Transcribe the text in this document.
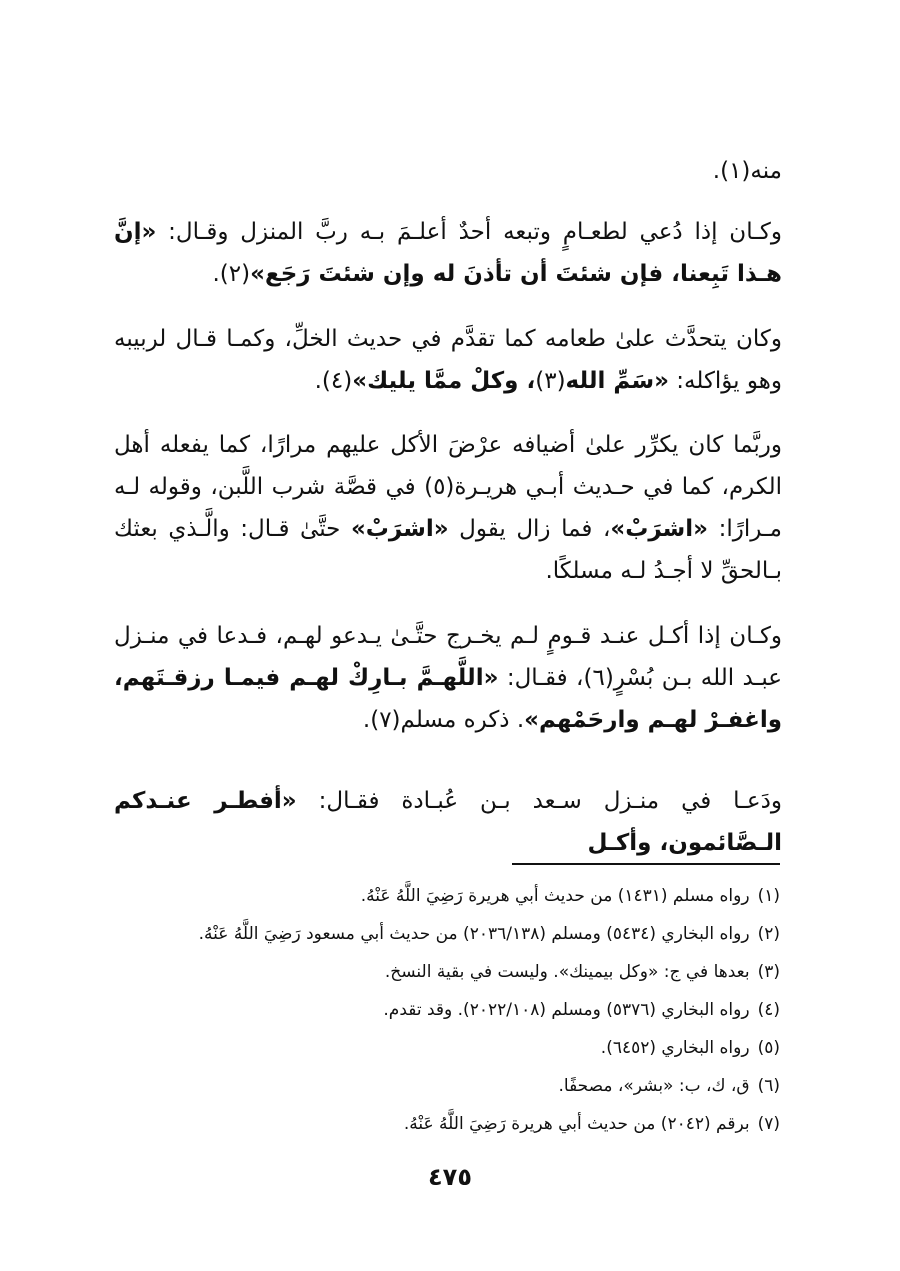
منه(١).
وكـان إذا دُعي لطعـامٍ وتبعه أحدٌ أعلـمَ بـه ربَّ المنزل وقـال: «إنَّ هـذا تَبِعنا، فإن شئتَ أن تأذنَ له وإن شئتَ رَجَع»(٢).
وكان يتحدَّث علىٰ طعامه كما تقدَّم في حديث الخلِّ، وكمـا قـال لربيبه وهو يؤاكله: «سَمِّ الله(٣)، وكلْ ممَّا يليك»(٤).
وربَّما كان يكرِّر علىٰ أضيافه عرْضَ الأكل عليهم مرارًا، كما يفعله أهل الكرم، كما في حـديث أبـي هريـرة(٥) في قصَّة شرب اللَّبن، وقوله لـه مـرارًا: «اشرَبْ»، فما زال يقول «اشرَبْ» حتَّىٰ قـال: والَّـذي بعثك بـالحقِّ لا أجـدُ لـه مسلكًا.
وكـان إذا أكـل عنـد قـومٍ لـم يخـرج حتَّـىٰ يـدعو لهـم، فـدعا في منـزل عبـد الله بـن بُسْرٍ(٦)، فقـال: «اللَّهـمَّ بـارِكْ لهـم فيمـا رزقـتَهم، واغفـرْ لهـم وارحَمْهم». ذكره مسلم(٧).
ودَعـا في منـزل سـعد بـن عُبـادة فقـال: «أفطـر عنـدكم الـصَّائمون، وأكـل
(١)رواه مسلم (١٤٣١) من حديث أبي هريرة رَضِيَ اللَّهُ عَنْهُ.
(٢)رواه البخاري (٥٤٣٤) ومسلم (٢٠٣٦/١٣٨) من حديث أبي مسعود رَضِيَ اللَّهُ عَنْهُ.
(٣)بعدها في ج: «وكل بيمينك». وليست في بقية النسخ.
(٤)رواه البخاري (٥٣٧٦) ومسلم (٢٠٢٢/١٠٨). وقد تقدم.
(٥)رواه البخاري (٦٤٥٢).
(٦)ق، ك، ب: «بشر»، مصحفًا.
(٧)برقم (٢٠٤٢) من حديث أبي هريرة رَضِيَ اللَّهُ عَنْهُ.
٤٧٥
